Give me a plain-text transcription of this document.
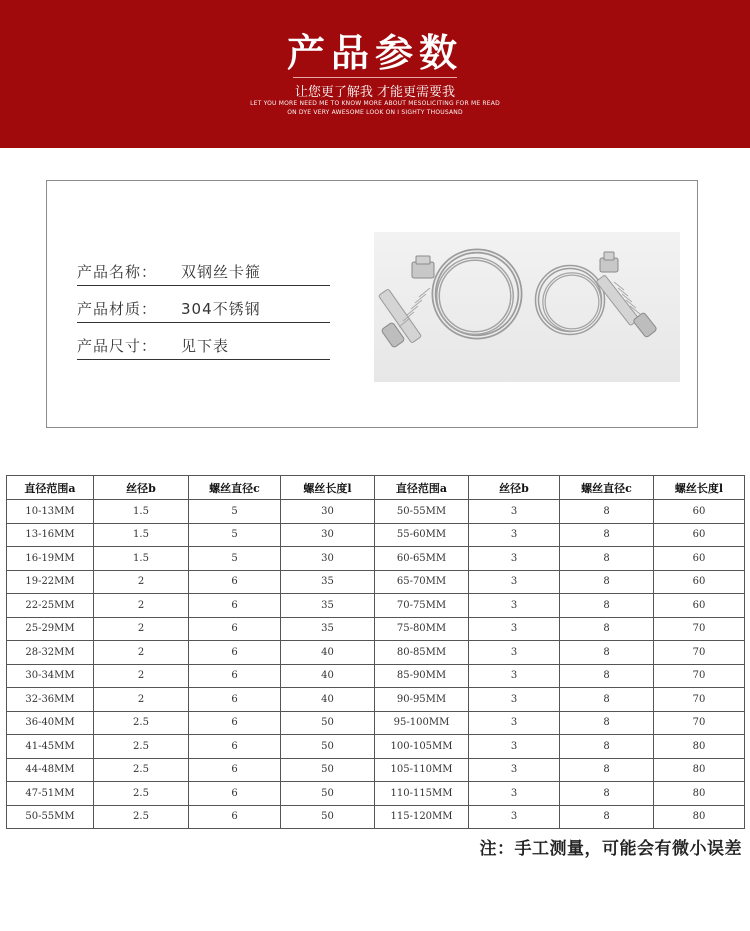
产品参数
让您更了解我 才能更需要我
LET YOU MORE NEED ME TO KNOW MORE ABOUT MESOLICITING FOR ME READ
ON DYE VERY AWESOME LOOK ON I SIGHTY THOUSAND
产品名称： 双钢丝卡箍
产品材质： 304不锈钢
产品尺寸： 见下表
直径范围a	丝径b	螺丝直径c	螺丝长度l	直径范围a	丝径b	螺丝直径c	螺丝长度l
10-13MM	1.5	5	30	50-55MM	3	8	60
13-16MM	1.5	5	30	55-60MM	3	8	60
16-19MM	1.5	5	30	60-65MM	3	8	60
19-22MM	2	6	35	65-70MM	3	8	60
22-25MM	2	6	35	70-75MM	3	8	60
25-29MM	2	6	35	75-80MM	3	8	70
28-32MM	2	6	40	80-85MM	3	8	70
30-34MM	2	6	40	85-90MM	3	8	70
32-36MM	2	6	40	90-95MM	3	8	70
36-40MM	2.5	6	50	95-100MM	3	8	70
41-45MM	2.5	6	50	100-105MM	3	8	80
44-48MM	2.5	6	50	105-110MM	3	8	80
47-51MM	2.5	6	50	110-115MM	3	8	80
50-55MM	2.5	6	50	115-120MM	3	8	80
注：手工测量，可能会有微小误差
